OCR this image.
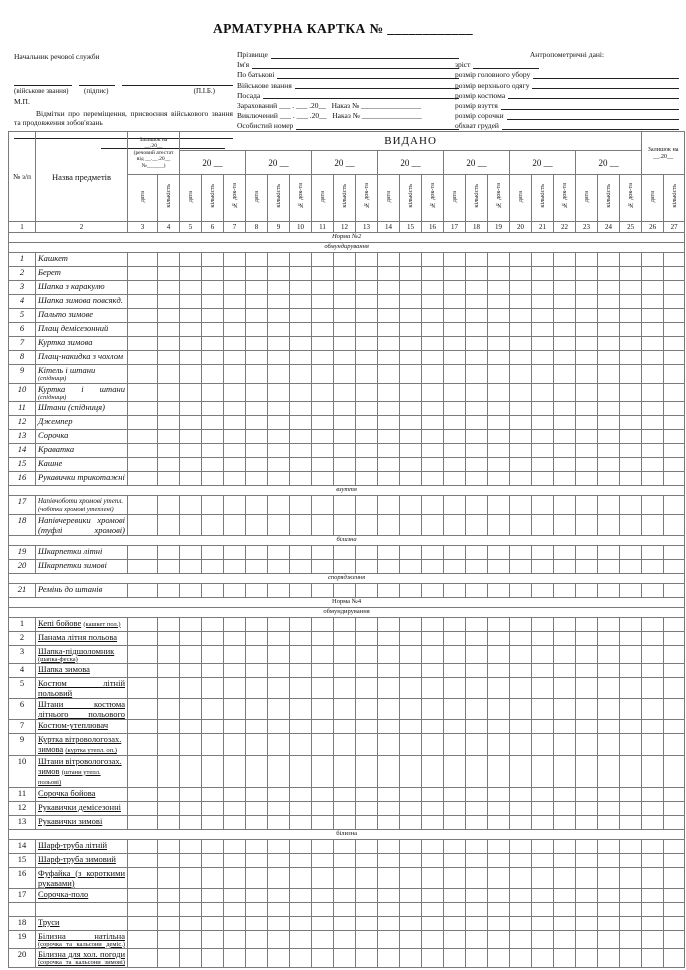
АРМАТУРНА КАРТКА № ____________
Начальник речової служби
(військове звання)	(підпис)	(П.І.Б.)
М.П.
Відмітки про переміщення, присвоєння військового звання та продовження зобов'язань
Прізвище
Ім'я
По батькові
Військове звання
Посада
Зарахований ___ . ___ .20__   Наказ № ________________
Виключений ___ . ___ .20__   Наказ № ________________
Особистий номер
Антропометричні дані:
зріст
розмір головного убору
розмір верхнього одягу
розмір костюма
розмір взуття
розмір сорочки
обхват грудей
№ з/п	Назва предметів	Залишок на
__.20__
(речовий атестат
від __.__.20__
№______)		ВИДАНО																					Залишок на __.20__	
				20 __			20 __			20 __			20 __			20 __			20 __			20 __				
		дата	кількість	дата	кількість	№ док-та	дата	кількість	№ док-та	дата	кількість	№ док-та	дата	кількість	№ док-та	дата	кількість	№ док-та	дата	кількість	№ док-та	дата	кількість	№ док-та	дата	кількість
1	2	3	4	5	6	7	8	9	10	11	12	13	14	15	16	17	18	19	20	21	22	23	24	25	26	27
Норма №2																										
обмундирування																										
1	Кашкет																									
2	Берет																									
3	Шапка з каракулю																									
4	Шапка зимова повсякд.																									
5	Пальто зимове																									
6	Плащ демісезонний																									
7	Куртка зимова																									
8	Плащ-накидка з чохлом																									
9	Кітель і штани
(спідниця)																									

10	Куртка і штани
(спідниця)																									

11	Штани (спідниця)																									
12	Джемпер																									
13	Сорочка																									
14	Краватка																									
15	Кашне																									
16	Рукавички трикотажні																									
взуття																										
17	Напівчоботи хромові утепл.
(чобітки хромові утеплені)																									

18	Напівчеревики хромові
(туфлі хромові)																									
білизна																										
19	Шкарпетки літні																									
20	Шкарпетки зимові																									
спорядження																										
21	Ремінь до штанів																									
Норма №4																										
обмундирування																										
1	Кепі бойове (кашкет пол.)																									
2	Панама літня польова																									
3	Шапка-підшоломник
(шапка-феска)																									

4	Шапка зимова																									
5	Костюм літній
польовий																									
6	Штани костюма
літнього польового																									
7	Костюм-утеплювач																									
9	Куртка вітровологозах.
зимова (куртка утепл. оп.)																									
10	Штани вітровологозах.
зимов (штани утепл. польові)																									
11	Сорочка бойова																									
12	Рукавички демісезонні																									
13	Рукавички зимові																									
білизна																										
14	Шарф-труба літній																									
15	Шарф-труба зимовий																									
16	Фуфайка (з короткими
рукавами)																									
17	Сорочка-поло																									

18	Труси																									
19	Білизна натільна
(сорочка та кальсони деміс.)																									

20	Білизна для хол. погоди
(сорочка та кальсони зимові)																									
